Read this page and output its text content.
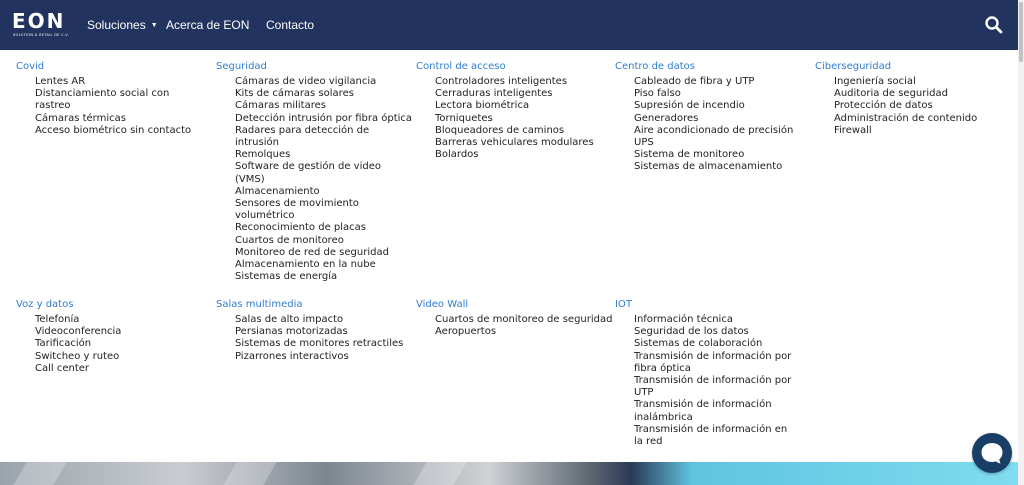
EON
SOLUTION & RETAIL DE C.V.
Soluciones ▼ Acerca de EON Contacto
Covid
Lentes AR
Distanciamiento social con rastreo
Cámaras térmicas
Acceso biométrico sin contacto
Seguridad
Cámaras de video vigilancia
Kits de cámaras solares
Cámaras militares
Detección intrusión por fibra óptica
Radares para detección de intrusión
Remolques
Software de gestión de video (VMS)
Almacenamiento
Sensores de movimiento volumétrico
Reconocimiento de placas
Cuartos de monitoreo
Monitoreo de red de seguridad
Almacenamiento en la nube
Sistemas de energía
Control de acceso
Controladores inteligentes
Cerraduras inteligentes
Lectora biométrica
Torniquetes
Bloqueadores de caminos
Barreras vehiculares modulares
Bolardos
Centro de datos
Cableado de fibra y UTP
Piso falso
Supresión de incendio
Generadores
Aire acondicionado de precisión
UPS
Sistema de monitoreo
Sistemas de almacenamiento
Ciberseguridad
Ingeniería social
Auditoria de seguridad
Protección de datos
Administración de contenido
Firewall
Voz y datos
Telefonía
Videoconferencia
Tarificación
Switcheo y ruteo
Call center
Salas multimedia
Salas de alto impacto
Persianas motorizadas
Sistemas de monitores retractiles
Pizarrones interactivos
Video Wall
Cuartos de monitoreo de seguridad
Aeropuertos
IOT
Información técnica
Seguridad de los datos
Sistemas de colaboración
Transmisión de información por fibra óptica
Transmisión de información por UTP
Transmisión de información inalámbrica
Transmisión de información en la red
